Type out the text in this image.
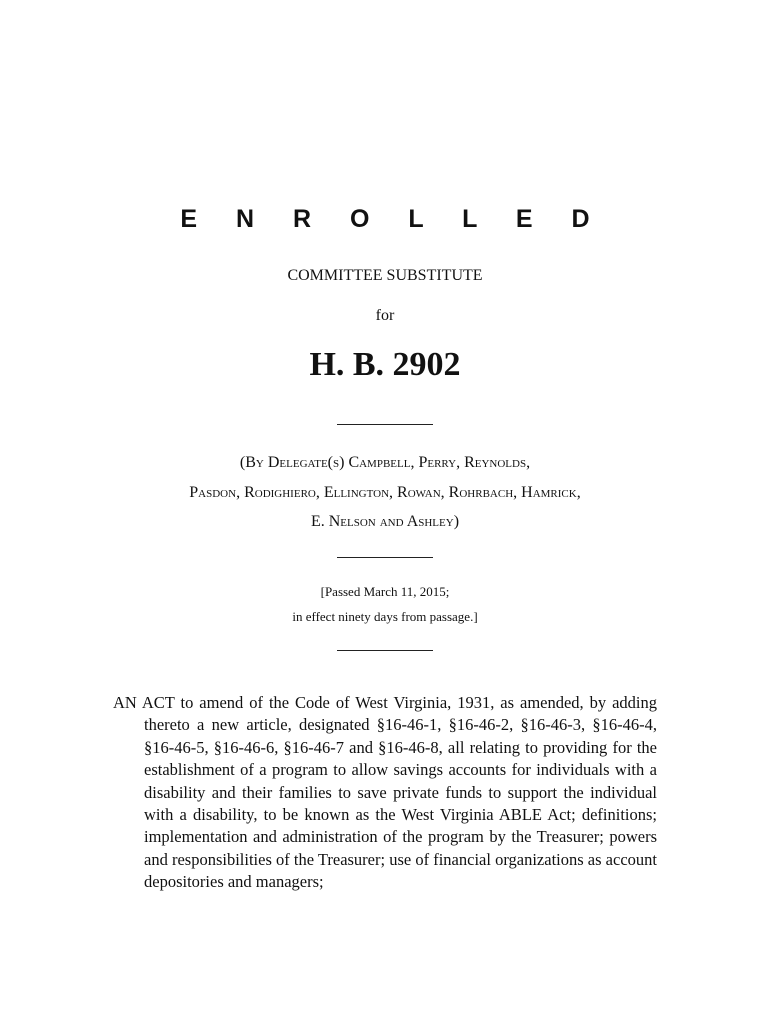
E N R O L L E D
COMMITTEE SUBSTITUTE
for
H. B. 2902
(By Delegate(s) Campbell, Perry, Reynolds,
Pasdon, Rodighiero, Ellington, Rowan, Rohrbach, Hamrick,
E. Nelson and Ashley)
[Passed March 11, 2015;
in effect ninety days from passage.]
AN ACT to amend of the Code of West Virginia, 1931, as amended, by adding thereto a new article, designated §16-46-1, §16-46-2, §16-46-3, §16-46-4, §16-46-5, §16-46-6, §16-46-7 and §16-46-8, all relating to providing for the establishment of a program to allow savings accounts for individuals with a disability and their families to save private funds to support the individual with a disability, to be known as the West Virginia ABLE Act; definitions; implementation and administration of the program by the Treasurer; powers and responsibilities of the Treasurer; use of financial organizations as account depositories and managers;
